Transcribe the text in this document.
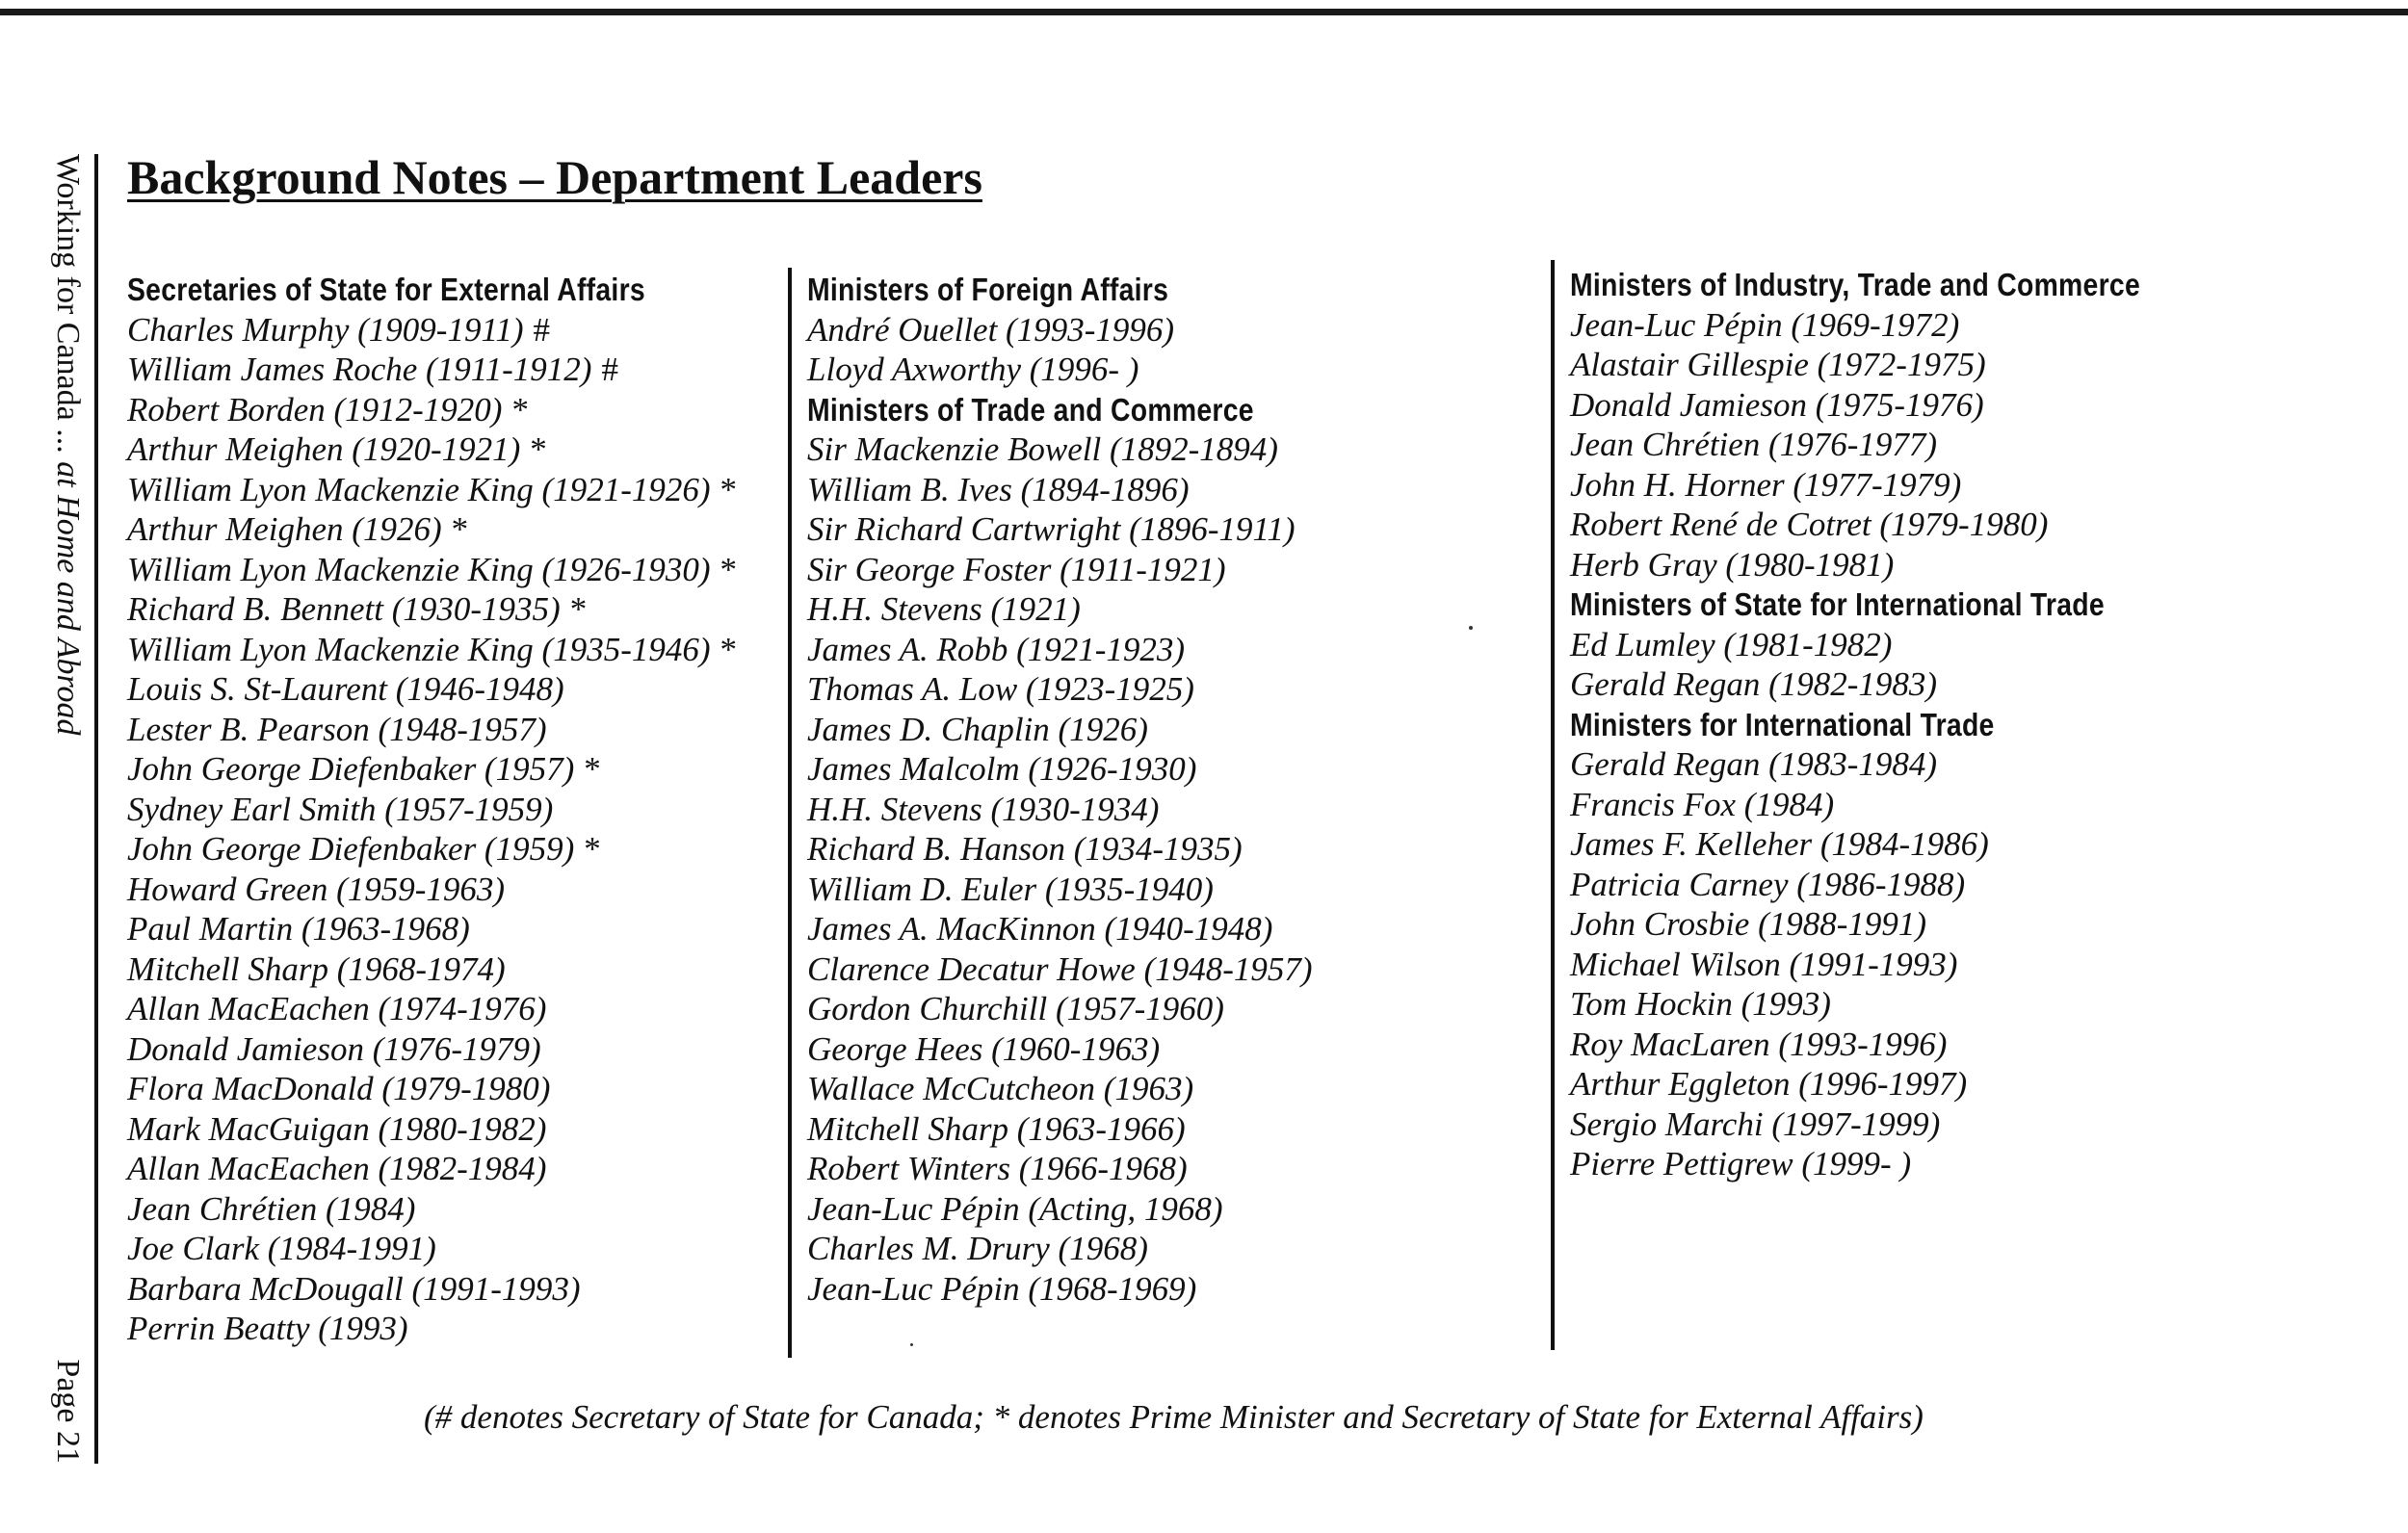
Working for Canada ... at Home and Abroad
Page 21
Background Notes – Department Leaders
Secretaries of State for External Affairs
Charles Murphy (1909-1911) #
William James Roche (1911-1912) #
Robert Borden (1912-1920) *
Arthur Meighen (1920-1921) *
William Lyon Mackenzie King (1921-1926) *
Arthur Meighen (1926) *
William Lyon Mackenzie King (1926-1930) *
Richard B. Bennett (1930-1935) *
William Lyon Mackenzie King (1935-1946) *
Louis S. St-Laurent (1946-1948)
Lester B. Pearson (1948-1957)
John George Diefenbaker (1957) *
Sydney Earl Smith (1957-1959)
John George Diefenbaker (1959) *
Howard Green (1959-1963)
Paul Martin (1963-1968)
Mitchell Sharp (1968-1974)
Allan MacEachen (1974-1976)
Donald Jamieson (1976-1979)
Flora MacDonald (1979-1980)
Mark MacGuigan (1980-1982)
Allan MacEachen (1982-1984)
Jean Chrétien (1984)
Joe Clark (1984-1991)
Barbara McDougall (1991-1993)
Perrin Beatty (1993)
Ministers of Foreign Affairs
André Ouellet (1993-1996)
Lloyd Axworthy (1996- )
Ministers of Trade and Commerce
Sir Mackenzie Bowell (1892-1894)
William B. Ives (1894-1896)
Sir Richard Cartwright (1896-1911)
Sir George Foster (1911-1921)
H.H. Stevens (1921)
James A. Robb (1921-1923)
Thomas A. Low (1923-1925)
James D. Chaplin (1926)
James Malcolm (1926-1930)
H.H. Stevens (1930-1934)
Richard B. Hanson (1934-1935)
William D. Euler (1935-1940)
James A. MacKinnon (1940-1948)
Clarence Decatur Howe (1948-1957)
Gordon Churchill (1957-1960)
George Hees (1960-1963)
Wallace McCutcheon (1963)
Mitchell Sharp (1963-1966)
Robert Winters (1966-1968)
Jean-Luc Pépin (Acting, 1968)
Charles M. Drury (1968)
Jean-Luc Pépin (1968-1969)
Ministers of Industry, Trade and Commerce
Jean-Luc Pépin (1969-1972)
Alastair Gillespie (1972-1975)
Donald Jamieson (1975-1976)
Jean Chrétien (1976-1977)
John H. Horner (1977-1979)
Robert René de Cotret (1979-1980)
Herb Gray (1980-1981)
Ministers of State for International Trade
Ed Lumley (1981-1982)
Gerald Regan (1982-1983)
Ministers for International Trade
Gerald Regan (1983-1984)
Francis Fox (1984)
James F. Kelleher (1984-1986)
Patricia Carney (1986-1988)
John Crosbie (1988-1991)
Michael Wilson (1991-1993)
Tom Hockin (1993)
Roy MacLaren (1993-1996)
Arthur Eggleton (1996-1997)
Sergio Marchi (1997-1999)
Pierre Pettigrew (1999- )
(# denotes Secretary of State for Canada; * denotes Prime Minister and Secretary of State for External Affairs)
